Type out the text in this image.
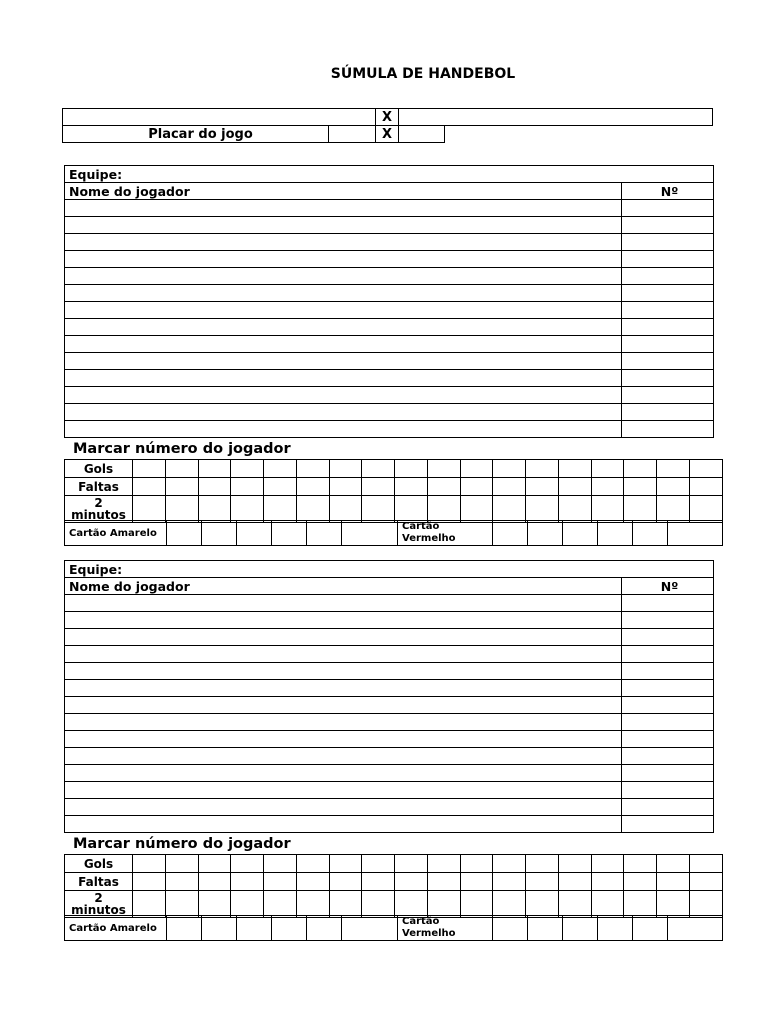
SÚMULA DE HANDEBOL
	X	
Placar do jogo		X	
Equipe:	
Nome do jogador	Nº

Marcar número do jogador
Gols																		
Faltas																		
2 minutos																		
Cartão Amarelo							Cartão Vermelho						
Equipe:	
Nome do jogador	Nº

Marcar número do jogador
Gols																		
Faltas																		
2 minutos																		
Cartão Amarelo							Cartão Vermelho						
